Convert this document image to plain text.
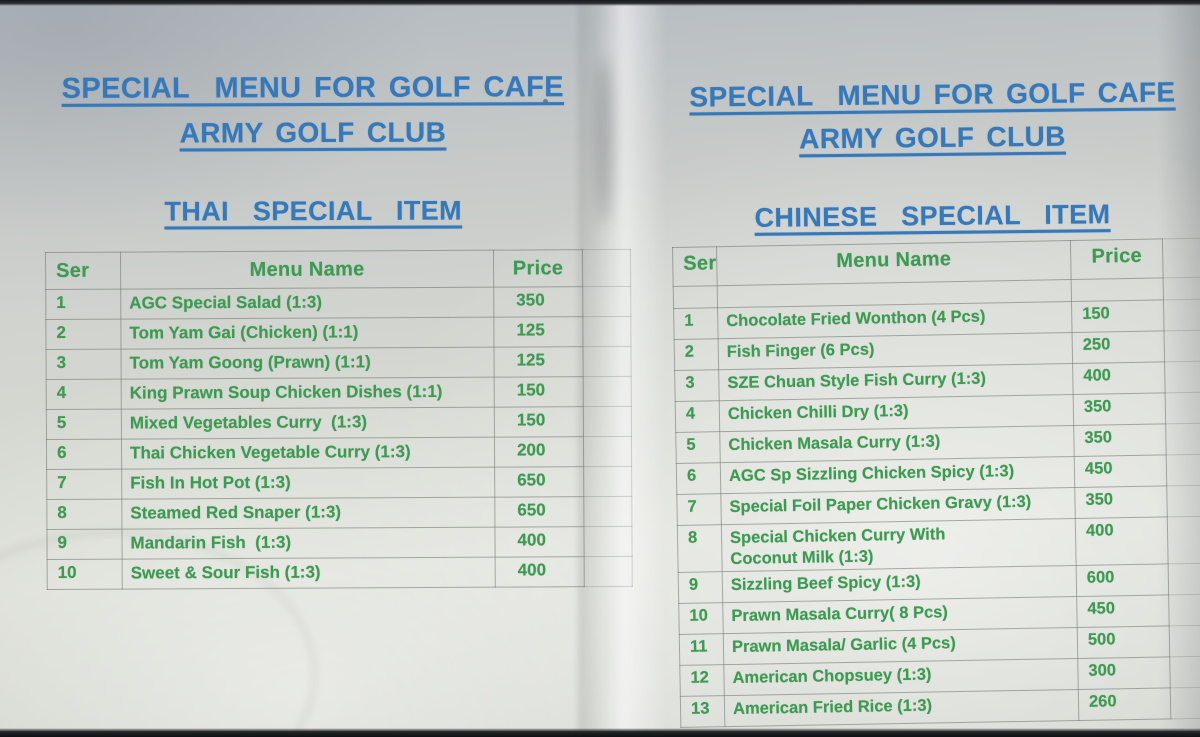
SPECIAL  MENU FOR GOLF CAFE
ARMY GOLF CLUB
THAI  SPECIAL  ITEM
Ser	Menu Name	Price	
1	AGC Special Salad (1:3)	350	
2	Tom Yam Gai (Chicken) (1:1)	125	
3	Tom Yam Goong (Prawn) (1:1)	125	
4	King Prawn Soup Chicken Dishes (1:1)	150	
5	Mixed Vegetables Curry  (1:3)	150	
6	Thai Chicken Vegetable Curry (1:3)	200	
7	Fish In Hot Pot (1:3)	650	
8	Steamed Red Snaper (1:3)	650	
9	Mandarin Fish  (1:3)	400	
10	Sweet & Sour Fish (1:3)	400	
SPECIAL  MENU FOR GOLF CAFE
ARMY GOLF CLUB
CHINESE  SPECIAL  ITEM
Ser	Menu Name	Price	

1	Chocolate Fried Wonthon (4 Pcs)	150	
2	Fish Finger (6 Pcs)	250	
3	SZE Chuan Style Fish Curry (1:3)	400	
4	Chicken Chilli Dry (1:3)	350	
5	Chicken Masala Curry (1:3)	350	
6	AGC Sp Sizzling Chicken Spicy (1:3)	450	
7	Special Foil Paper Chicken Gravy (1:3)	350	
8	Special Chicken Curry With
Coconut Milk (1:3)	400	
9	Sizzling Beef Spicy (1:3)	600	
10	Prawn Masala Curry( 8 Pcs)	450	
11	Prawn Masala/ Garlic (4 Pcs)	500	
12	American Chopsuey (1:3)	300	
13	American Fried Rice (1:3)	260	
